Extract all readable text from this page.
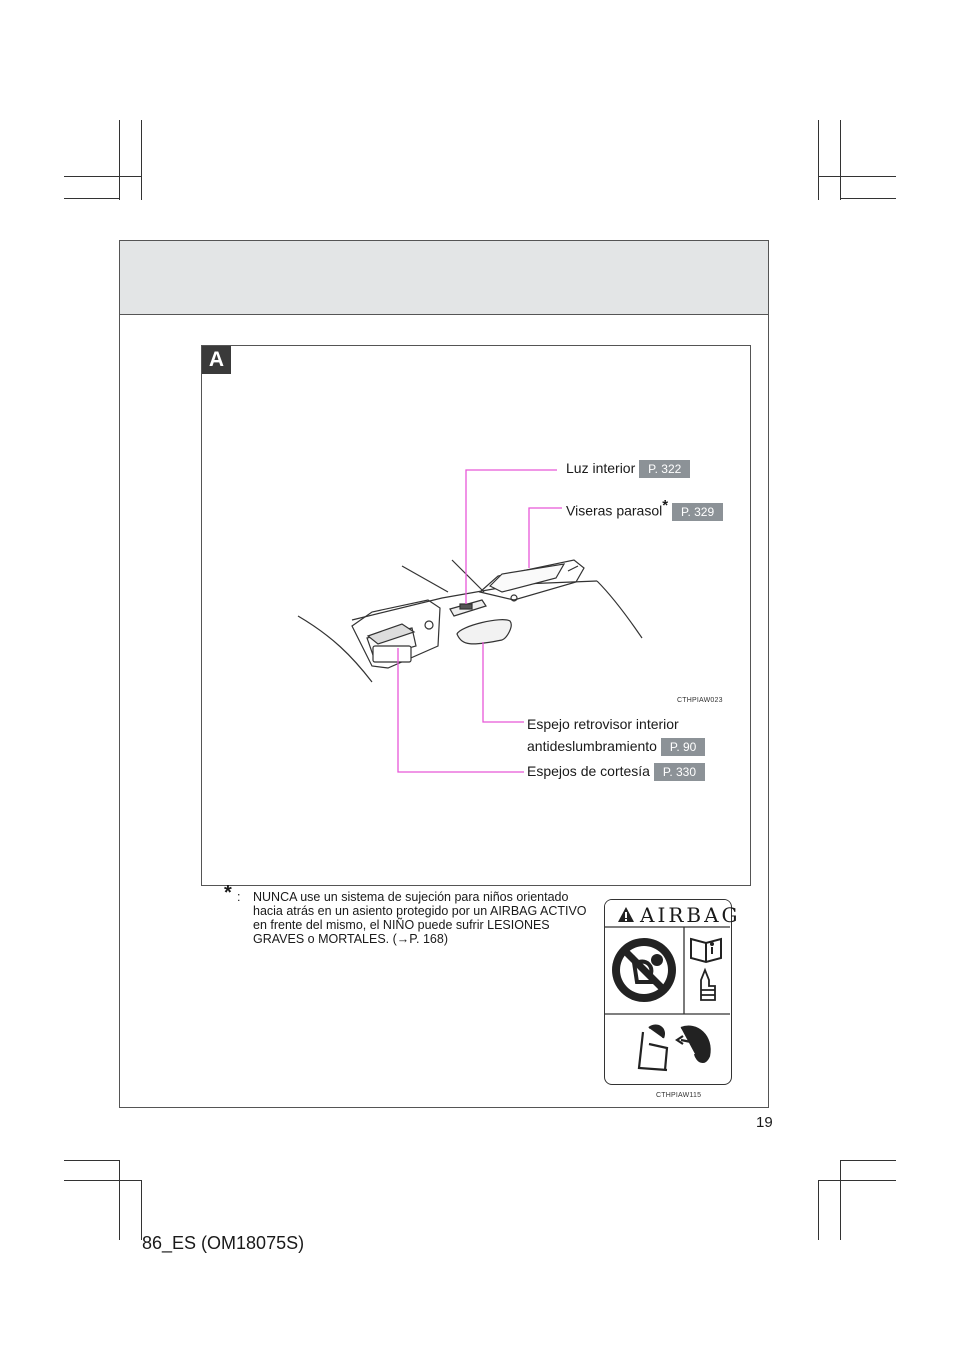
A
Luz interior P. 322
Viseras parasol* P. 329
CTHPIAW023
Espejo retrovisor interior
antideslumbramiento P. 90
Espejos de cortesía P. 330
* : NUNCA use un sistema de sujeción para niños orientado hacia atrás en un asiento protegido por un AIRBAG ACTIVO en frente del mismo, el NIÑO puede sufrir LESIONES GRAVES o MORTALES. (→P. 168)
CTHPIAW115
19
86_ES (OM18075S)
AIRBAG
